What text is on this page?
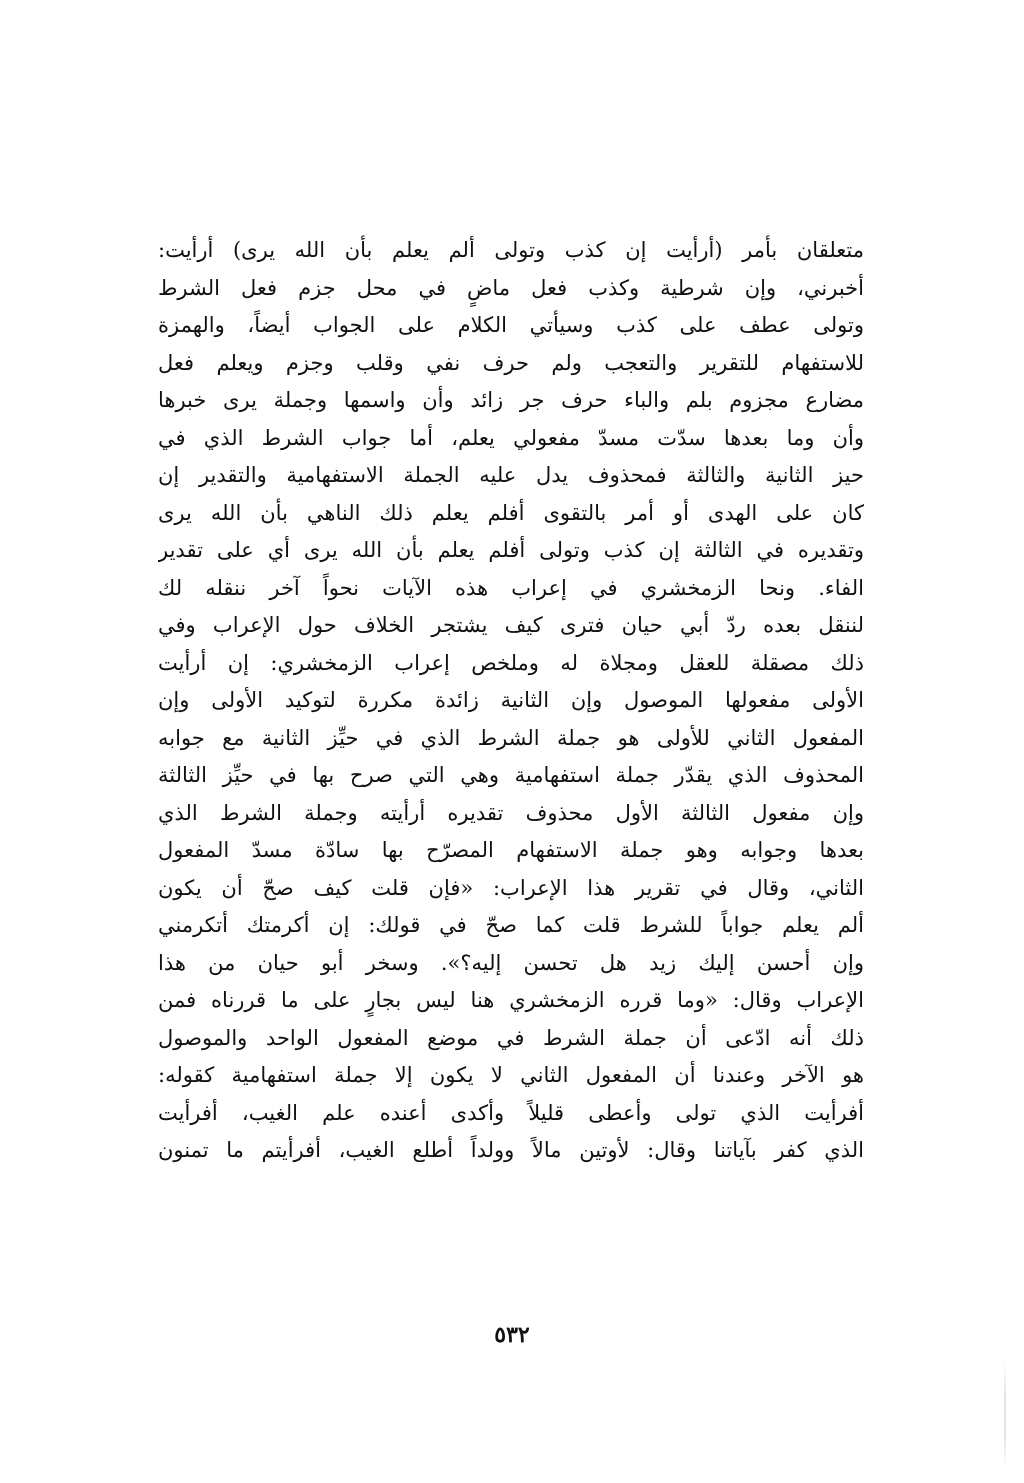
متعلقان بأمر (أرأيت إن كذب وتولى ألم يعلم بأن الله يرى) أرأيت:
أخبرني، وإن شرطية وكذب فعل ماضٍ في محل جزم فعل الشرط
وتولى عطف على كذب وسيأتي الكلام على الجواب أيضاً، والهمزة
للاستفهام للتقرير والتعجب ولم حرف نفي وقلب وجزم ويعلم فعل
مضارع مجزوم بلم والباء حرف جر زائد وأن واسمها وجملة يرى خبرها
وأن وما بعدها سدّت مسدّ مفعولي يعلم، أما جواب الشرط الذي في
حيز الثانية والثالثة فمحذوف يدل عليه الجملة الاستفهامية والتقدير إن
كان على الهدى أو أمر بالتقوى أفلم يعلم ذلك الناهي بأن الله يرى
وتقديره في الثالثة إن كذب وتولى أفلم يعلم بأن الله يرى أي على تقدير
الفاء. ونحا الزمخشري في إعراب هذه الآيات نحواً آخر ننقله لك
لننقل بعده ردّ أبي حيان فترى كيف يشتجر الخلاف حول الإعراب وفي
ذلك مصقلة للعقل ومجلاة له وملخص إعراب الزمخشري: إن أرأيت
الأولى مفعولها الموصول وإن الثانية زائدة مكررة لتوكيد الأولى وإن
المفعول الثاني للأولى هو جملة الشرط الذي في حيِّز الثانية مع جوابه
المحذوف الذي يقدّر جملة استفهامية وهي التي صرح بها في حيِّز الثالثة
وإن مفعول الثالثة الأول محذوف تقديره أرأيته وجملة الشرط الذي
بعدها وجوابه وهو جملة الاستفهام المصرّح بها سادّة مسدّ المفعول
الثاني، وقال في تقرير هذا الإعراب: «فإن قلت كيف صحّ أن يكون
ألم يعلم جواباً للشرط قلت كما صحّ في قولك: إن أكرمتك أتكرمني
وإن أحسن إليك زيد هل تحسن إليه؟». وسخر أبو حيان من هذا
الإعراب وقال: «وما قرره الزمخشري هنا ليس بجارٍ على ما قررناه فمن
ذلك أنه ادّعى أن جملة الشرط في موضع المفعول الواحد والموصول
هو الآخر وعندنا أن المفعول الثاني لا يكون إلا جملة استفهامية كقوله:
أفرأيت الذي تولى وأعطى قليلاً وأكدى أعنده علم الغيب، أفرأيت
الذي كفر بآياتنا وقال: لأوتين مالاً وولداً أطلع الغيب، أفرأيتم ما تمنون
٥٣٢
